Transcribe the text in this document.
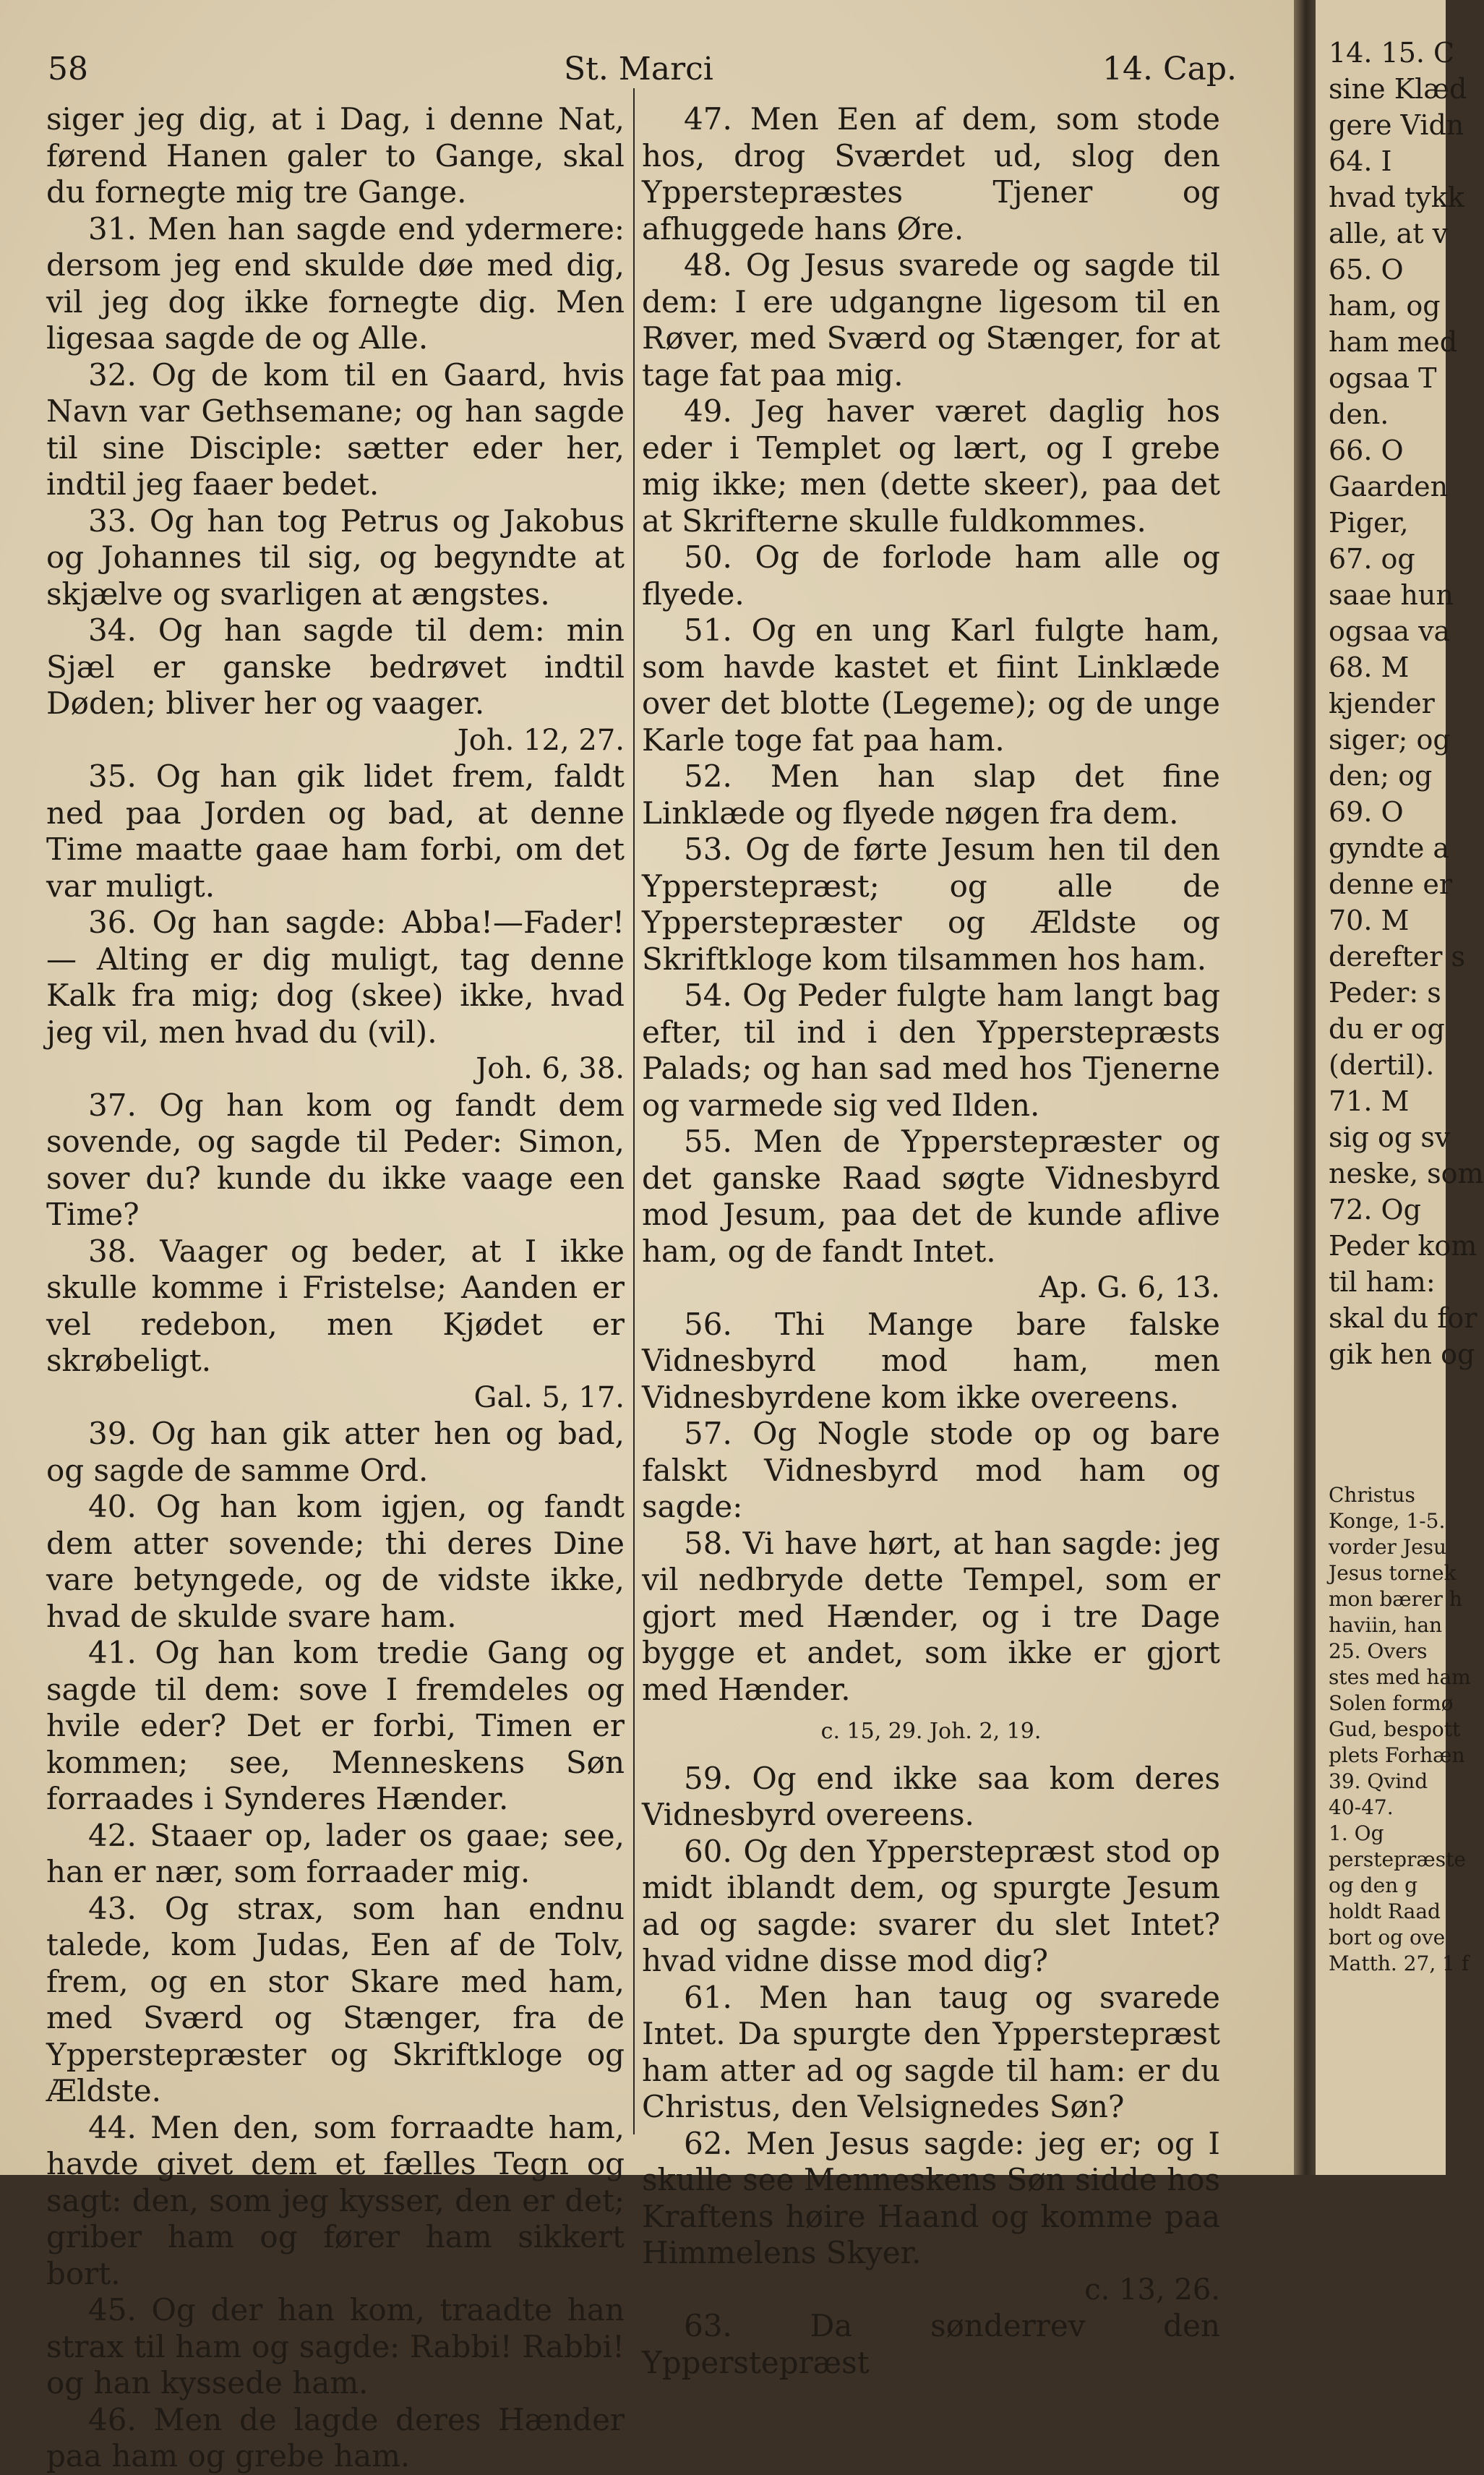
58	St. Marci	14. Cap.

siger jeg dig, at i Dag, i denne Nat, førend Hanen galer to Gange, skal du fornegte mig tre Gange.

31. Men han sagde end ydermere: dersom jeg end skulde døe med dig, vil jeg dog ikke fornegte dig. Men ligesaa sagde de og Alle.

32. Og de kom til en Gaard, hvis Navn var Gethsemane; og han sagde til sine Disciple: sætter eder her, indtil jeg faaer bedet.

33. Og han tog Petrus og Jakobus og Johannes til sig, og begyndte at skjælve og svarligen at ængstes.

34. Og han sagde til dem: min Sjæl er ganske bedrøvet indtil Døden; bliver her og vaager.

Joh. 12, 27.

35. Og han gik lidet frem, faldt ned paa Jorden og bad, at denne Time maatte gaae ham forbi, om det var muligt.

36. Og han sagde: Abba!—Fader!— Alting er dig muligt, tag denne Kalk fra mig; dog (skee) ikke, hvad jeg vil, men hvad du (vil).

Joh. 6, 38.

37. Og han kom og fandt dem sovende, og sagde til Peder: Simon, sover du? kunde du ikke vaage een Time?

38. Vaager og beder, at I ikke skulle komme i Fristelse; Aanden er vel redebon, men Kjødet er skrøbeligt.

Gal. 5, 17.

39. Og han gik atter hen og bad, og sagde de samme Ord.

40. Og han kom igjen, og fandt dem atter sovende; thi deres Dine vare betyngede, og de vidste ikke, hvad de skulde svare ham.

41. Og han kom tredie Gang og sagde til dem: sove I fremdeles og hvile eder? Det er forbi, Timen er kommen; see, Menneskens Søn forraades i Synderes Hænder.

42. Staaer op, lader os gaae; see, han er nær, som forraader mig.

43. Og strax, som han endnu talede, kom Judas, Een af de Tolv, frem, og en stor Skare med ham, med Sværd og Stænger, fra de Ypperstepræster og Skriftkloge og Ældste.

44. Men den, som forraadte ham, havde givet dem et fælles Tegn og sagt: den, som jeg kysser, den er det; griber ham og fører ham sikkert bort.

45. Og der han kom, traadte han strax til ham og sagde: Rabbi! Rabbi! og han kyssede ham.

46. Men de lagde deres Hænder paa ham og grebe ham.

47. Men Een af dem, som stode hos, drog Sværdet ud, slog den Ypperstepræstes Tjener og afhuggede hans Øre.

48. Og Jesus svarede og sagde til dem: I ere udgangne ligesom til en Røver, med Sværd og Stænger, for at tage fat paa mig.

49. Jeg haver været daglig hos eder i Templet og lært, og I grebe mig ikke; men (dette skeer), paa det at Skrifterne skulle fuldkommes.

50. Og de forlode ham alle og flyede.

51. Og en ung Karl fulgte ham, som havde kastet et fiint Linklæde over det blotte (Legeme); og de unge Karle toge fat paa ham.

52. Men han slap det fine Linklæde og flyede nøgen fra dem.

53. Og de førte Jesum hen til den Ypperstepræst; og alle de Ypperstepræster og Ældste og Skriftkloge kom tilsammen hos ham.

54. Og Peder fulgte ham langt bag efter, til ind i den Ypperstepræsts Palads; og han sad med hos Tjenerne og varmede sig ved Ilden.

55. Men de Ypperstepræster og det ganske Raad søgte Vidnesbyrd mod Jesum, paa det de kunde aflive ham, og de fandt Intet.

Ap. G. 6, 13.

56. Thi Mange bare falske Vidnesbyrd mod ham, men Vidnesbyrdene kom ikke overeens.

57. Og Nogle stode op og bare falskt Vidnesbyrd mod ham og sagde:

58. Vi have hørt, at han sagde: jeg vil nedbryde dette Tempel, som er gjort med Hænder, og i tre Dage bygge et andet, som ikke er gjort med Hænder.

c. 15, 29. Joh. 2, 19.

59. Og end ikke saa kom deres Vidnesbyrd overeens.

60. Og den Ypperstepræst stod op midt iblandt dem, og spurgte Jesum ad og sagde: svarer du slet Intet? hvad vidne disse mod dig?

61. Men han taug og svarede Intet. Da spurgte den Ypperstepræst ham atter ad og sagde til ham: er du Christus, den Velsignedes Søn?

62. Men Jesus sagde: jeg er; og I skulle see Menneskens Søn sidde hos Kraftens høire Haand og komme paa Himmelens Skyer.

c. 13, 26.

63. Da sønderrev den Ypperstepræst

14. 15. C
sine Klæd
gere Vidn
64. I
hvad tykk
alle, at v
65. O
ham, og
ham med
ogsaa T
den.
66. O
Gaarden
Piger,
67. og
saae hun
ogsaa va
68. M
kjender
siger; og
den; og
69. O
gyndte a
denne er
70. M
derefter s
Peder: s
du er og
(dertil).
71. M
sig og sv
neske, som
72. Og
Peder kom
til ham:
skal du for
gik hen og
Christus
Konge, 1-5.
vorder Jesu
Jesus tornek
mon bærer h
haviin, han
25. Overs
stes med ham
Solen formø
Gud, bespott
plets Forhæn
39. Qvind
40-47.
1. Og
perstepræste
og den g
holdt Raad
bort og ove
Matth. 27, 1 f
